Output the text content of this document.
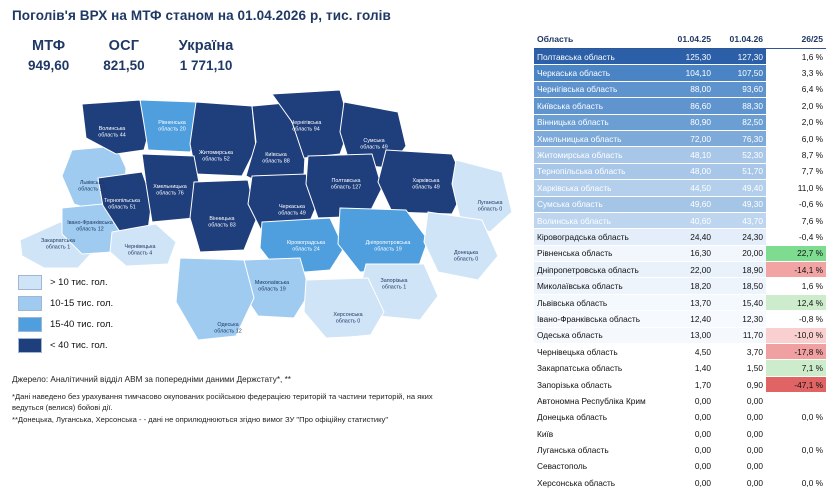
Поголів'я ВРХ на МТФ станом на 01.04.2026 р, тис. голів
МТФ
949,60
ОСГ
821,50
Україна
1 771,10
Волинська область 44
Рівненська область 20
Чернігівська область 94
Сумська область 49
Житомирська область 52
Київська область 88
Львівська область 15	Хмельницька область 76
Полтавська область 127
Харківська область 49
Тернопільська область 51
Вінницька область 83
Черкаська область 49
Луганська область 0
Івано-Франківська область 12
Закарпатська область 1	Чернівецька область 4
Кіровоградська область 24
Дніпропетровська область 19
Донецька область 0
Миколаївська область 19
Запорізька область 1
Херсонська область 0
Одеська область 12
> 10 тис. гол.
10-15 тис. гол.
15-40 тис. гол.
< 40 тис. гол.
Джерело: Аналітичний відділ АВМ за попередніми даними Держстату*, **
*Дані наведено без урахування тимчасово окупованих російською федерацією територій та частини територій, на яких
ведуться (велися) бойові дії.
**Донецька, Луганська, Херсонська - - дані не оприлюднюються згідно вимог ЗУ "Про офіційну статистику"
Область	01.04.25	01.04.26	26/25
Полтавська область	125,30	127,30	1,6 %
Черкаська область	104,10	107,50	3,3 %
Чернігівська область	88,00	93,60	6,4 %
Київська область	86,60	88,30	2,0 %
Вінницька область	80,90	82,50	2,0 %
Хмельницька область	72,00	76,30	6,0 %
Житомирська область	48,10	52,30	8,7 %
Тернопільська область	48,00	51,70	7,7 %
Харківська область	44,50	49,40	11,0 %
Сумська область	49,60	49,30	-0,6 %
Волинська область	40,60	43,70	7,6 %
Кіровоградська область	24,40	24,30	-0,4 %
Рівненська область	16,30	20,00	22,7 %
Дніпропетровська область	22,00	18,90	-14,1 %
Миколаївська область	18,20	18,50	1,6 %
Львівська область	13,70	15,40	12,4 %
Івано-Франківська область	12,40	12,30	-0,8 %
Одеська область	13,00	11,70	-10,0 %
Чернівецька область	4,50	3,70	-17,8 %
Закарпатська область	1,40	1,50	7,1 %
Запорізька область	1,70	0,90	-47,1 %
Автономна Республіка Крим	0,00	0,00	
Донецька область	0,00	0,00	0,0 %
Київ	0,00	0,00	
Луганська область	0,00	0,00	0,0 %
Севастополь	0,00	0,00	
Херсонська область	0,00	0,00	0,0 %
